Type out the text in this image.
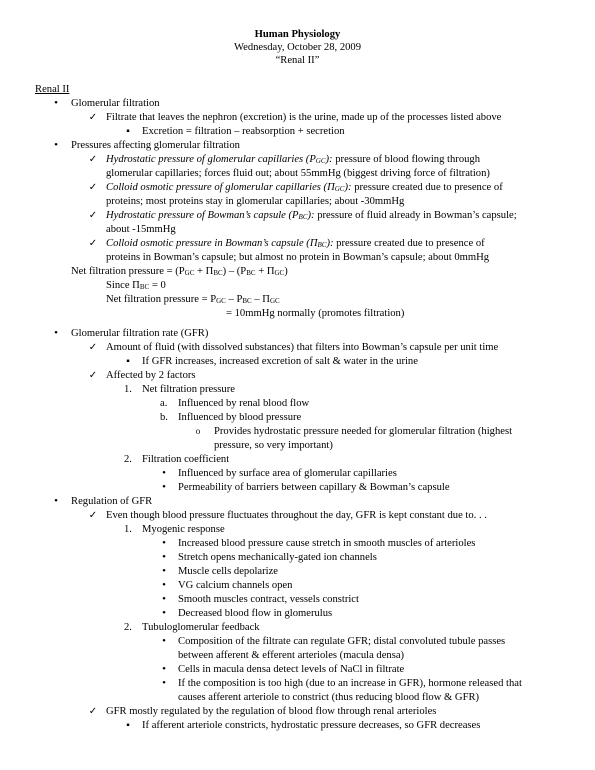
Human Physiology
Wednesday, October 28, 2009
“Renal II”
Renal II
•
Glomerular filtration
✓
Filtrate that leaves the nephron (excretion) is the urine, made up of the processes listed above
▪
Excretion = filtration – reabsorption + secretion
•
Pressures affecting glomerular filtration
✓
Hydrostatic pressure of glomerular capillaries $(P_{GC})$: pressure of blood flowing through
glomerular capillaries; forces fluid out; about 55mmHg (biggest driving force of filtration)
✓
Colloid osmotic pressure of glomerular capillaries $(\Pi_{GC})$: pressure created due to presence of
proteins; most proteins stay in glomerular capillaries; about -30mmHg
✓
Hydrostatic pressure of Bowman’s capsule $(P_{BC})$: pressure of fluid already in Bowman’s capsule;
about -15mmHg
✓
Colloid osmotic pressure in Bowman’s capsule $(\Pi_{BC})$: pressure created due to presence of
proteins in Bowman’s capsule; but almost no protein in Bowman’s capsule; about 0mmHg
Net filtration pressure = $(P_{GC} + \Pi_{BC}) - (P_{BC} + \Pi_{GC})$
Since $\Pi_{BC} = 0$
Net filtration pressure = $P_{GC} - P_{BC} - \Pi_{GC}$
= 10mmHg normally (promotes filtration)
•
Glomerular filtration rate (GFR)
✓
Amount of fluid (with dissolved substances) that filters into Bowman’s capsule per unit time
▪
If GFR increases, increased excretion of salt & water in the urine
✓
Affected by 2 factors
1. Net filtration pressure
a. Influenced by renal blood flow
b. Influenced by blood pressure
o
Provides hydrostatic pressure needed for glomerular filtration (highest
pressure, so very important)
2. Filtration coefficient
•
Influenced by surface area of glomerular capillaries
•
Permeability of barriers between capillary & Bowman’s capsule
•
Regulation of GFR
✓
Even though blood pressure fluctuates throughout the day, GFR is kept constant due to. . .
1. Myogenic response
•
Increased blood pressure cause stretch in smooth muscles of arterioles
•
Stretch opens mechanically-gated ion channels
•
Muscle cells depolarize
•
VG calcium channels open
•
Smooth muscles contract, vessels constrict
•
Decreased blood flow in glomerulus
2. Tubuloglomerular feedback
•
Composition of the filtrate can regulate GFR; distal convoluted tubule passes
between afferent & efferent arterioles (macula densa)
•
Cells in macula densa detect levels of NaCl in filtrate
•
If the composition is too high (due to an increase in GFR), hormone released that
causes afferent arteriole to constrict (thus reducing blood flow & GFR)
✓
GFR mostly regulated by the regulation of blood flow through renal arterioles
▪
If afferent arteriole constricts, hydrostatic pressure decreases, so GFR decreases
